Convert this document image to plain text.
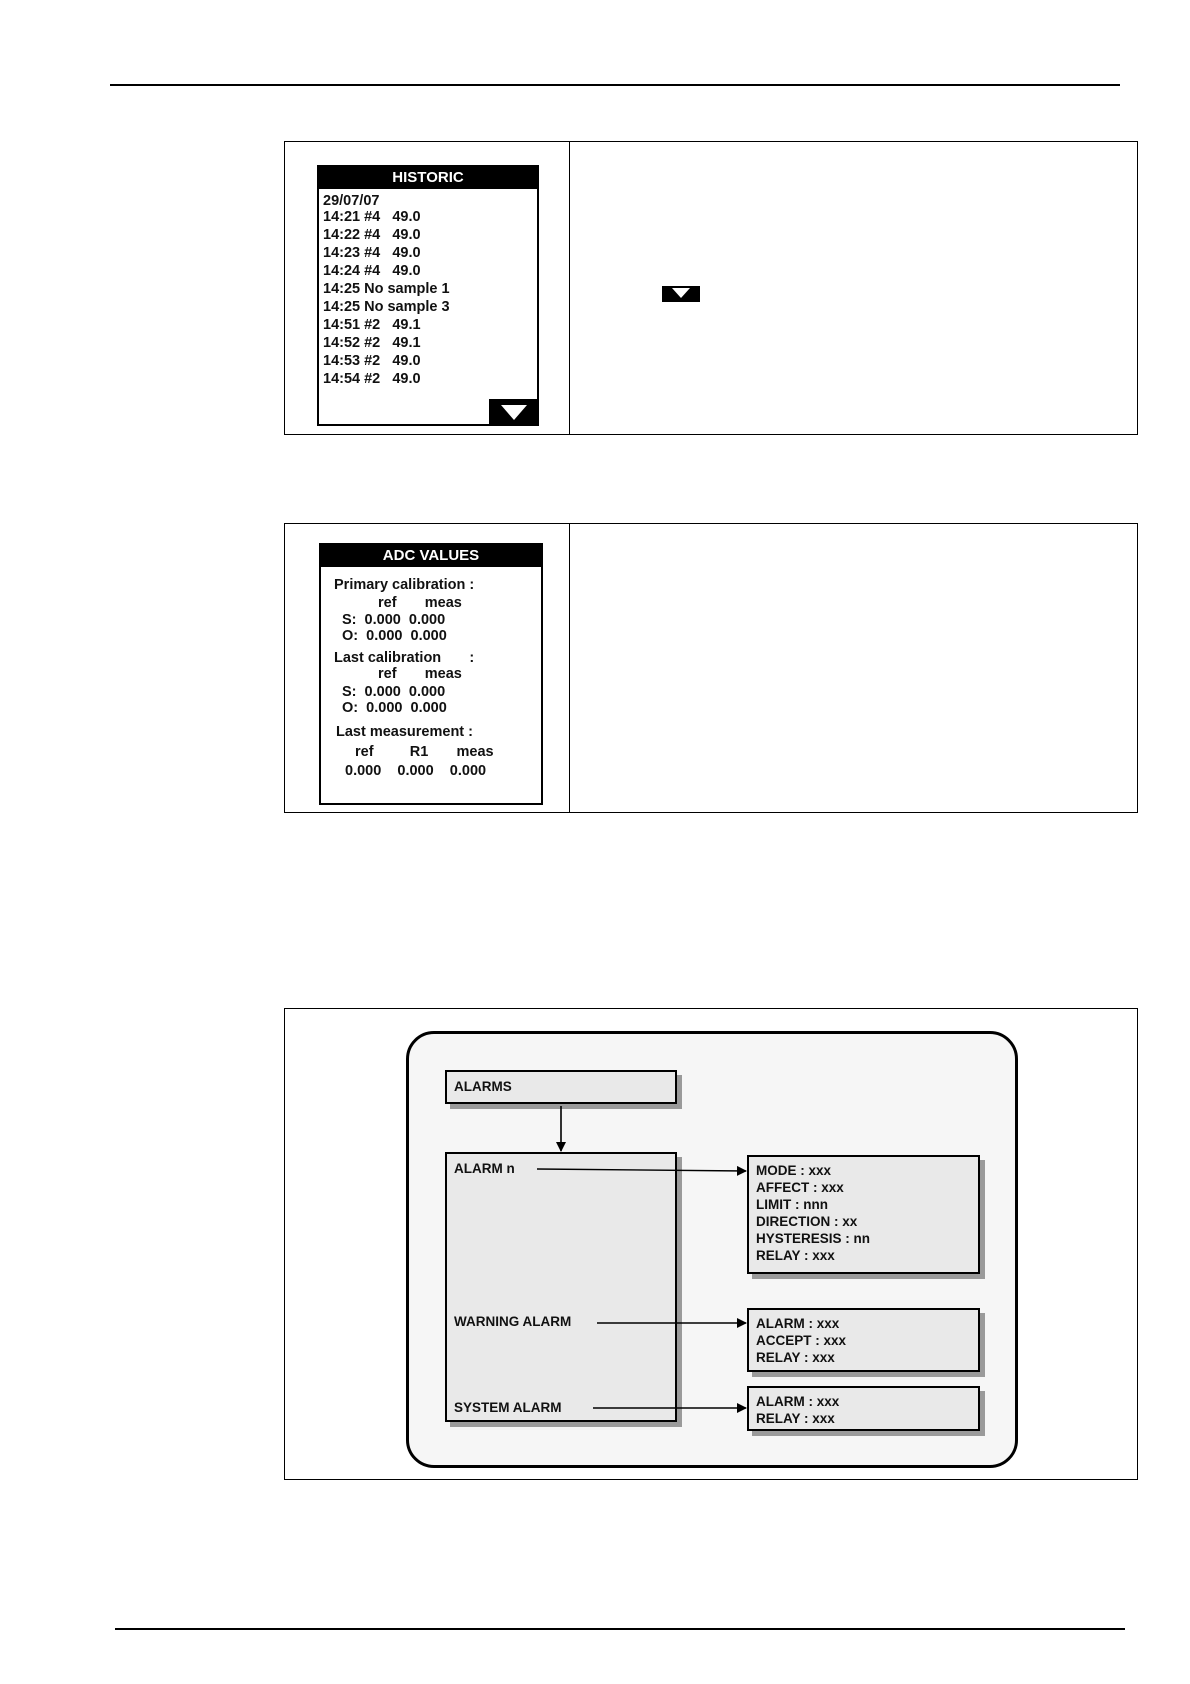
HISTORIC
29/07/07
14:21 #4   49.0
14:22 #4   49.0
14:23 #4   49.0
14:24 #4   49.0
14:25 No sample 1
14:25 No sample 3
14:51 #2   49.1
14:52 #2   49.1
14:53 #2   49.0
14:54 #2   49.0
ADC VALUES
Primary calibration :
ref       meas
S:  0.000  0.000
O:  0.000  0.000
Last calibration       :
ref       meas
S:  0.000  0.000
O:  0.000  0.000
Last measurement :
ref         R1       meas
0.000    0.000    0.000
ALARMS
ALARM n
WARNING ALARM
SYSTEM ALARM
MODE : xxx
AFFECT : xxx
LIMIT : nnn
DIRECTION : xx
HYSTERESIS : nn
RELAY : xxx
ALARM : xxx
ACCEPT : xxx
RELAY : xxx
ALARM : xxx
RELAY : xxx
